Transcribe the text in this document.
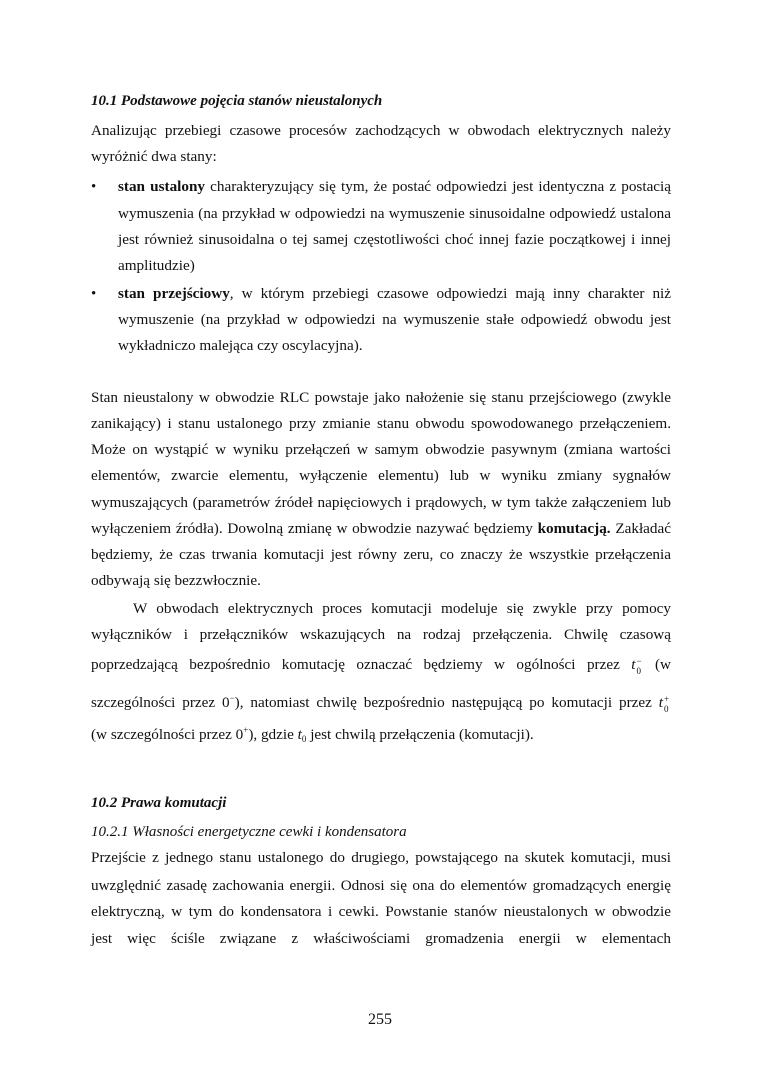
10.1 Podstawowe pojęcia stanów nieustalonych
Analizując przebiegi czasowe procesów zachodzących w obwodach elektrycznych należy
wyróżnić dwa stany:
• stan ustalony charakteryzujący się tym, że postać odpowiedzi jest identyczna z postacią
wymuszenia (na przykład w odpowiedzi na wymuszenie sinusoidalne odpowiedź ustalona
jest również sinusoidalna o tej samej częstotliwości choć innej fazie początkowej i innej
amplitudzie)
• stan przejściowy, w którym przebiegi czasowe odpowiedzi mają inny charakter niż
wymuszenie (na przykład w odpowiedzi na wymuszenie stałe odpowiedź obwodu jest
wykładniczo malejąca czy oscylacyjna).
Stan nieustalony w obwodzie RLC powstaje jako nałożenie się stanu przejściowego (zwykle
zanikający) i stanu ustalonego przy zmianie stanu obwodu spowodowanego przełączeniem.
Może on wystąpić w wyniku przełączeń w samym obwodzie pasywnym (zmiana wartości
elementów, zwarcie elementu, wyłączenie elementu) lub w wyniku zmiany sygnałów
wymuszających (parametrów źródeł napięciowych i prądowych, w tym także załączeniem lub
wyłączeniem źródła). Dowolną zmianę w obwodzie nazywać będziemy komutacją. Zakładać
będziemy, że czas trwania komutacji jest równy zeru, co znaczy że wszystkie przełączenia
odbywają się bezzwłocznie.
W obwodach elektrycznych proces komutacji modeluje się zwykle przy pomocy
wyłączników i przełączników wskazujących na rodzaj przełączenia. Chwilę czasową
poprzedzającą bezpośrednio komutację oznaczać będziemy w ogólności przez t −
0 (w
szczególności przez 0−), natomiast chwilę bezpośrednio następującą po komutacji przez t +
0
(w szczególności przez 0+), gdzie $t_0$ jest chwilą przełączenia (komutacji).
10.2 Prawa komutacji
10.2.1 Własności energetyczne cewki i kondensatora
Przejście z jednego stanu ustalonego do drugiego, powstającego na skutek komutacji, musi
uwzględnić zasadę zachowania energii. Odnosi się ona do elementów gromadzących energię
elektryczną, w tym do kondensatora i cewki. Powstanie stanów nieustalonych w obwodzie
jest więc ściśle związane z właściwościami gromadzenia energii w elementach
255
